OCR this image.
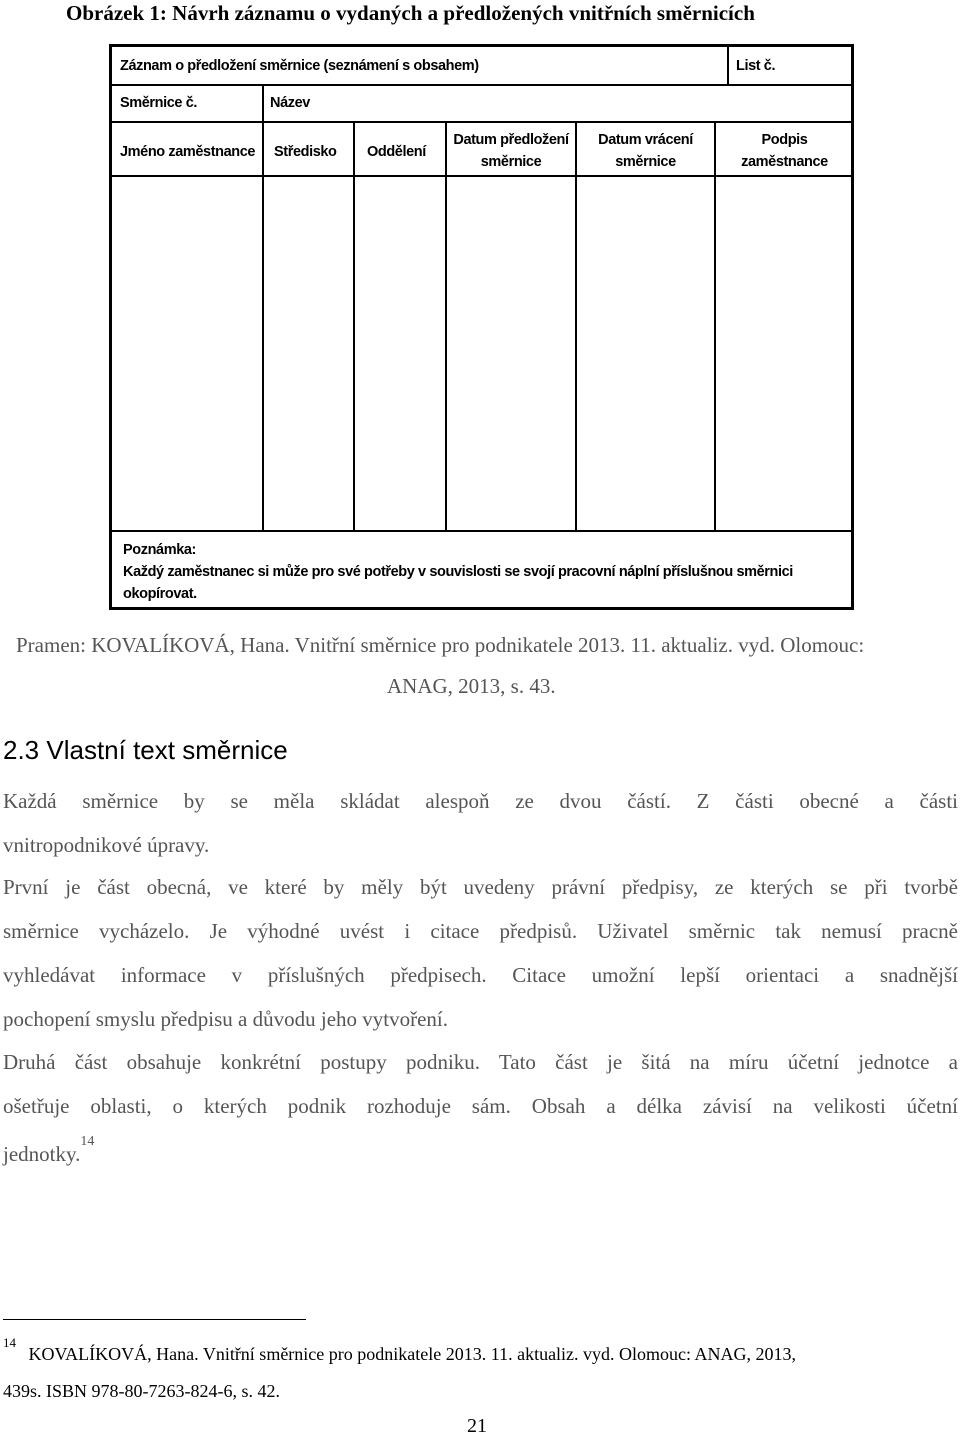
Obrázek 1: Návrh záznamu o vydaných a předložených vnitřních směrnicích
Záznam o předložení směrnice (seznámení s obsahem)	List č.
Směrnice č.	Název
Jméno zaměstnance Středisko Oddělení
Datum předložení
směrnice
Datum vrácení
směrnice
Podpis
zaměstnance
Poznámka:
Každý zaměstnanec si může pro své potřeby v souvislosti se svojí pracovní náplní příslušnou směrnici
okopírovat.
Pramen: KOVALÍKOVÁ, Hana. Vnitřní směrnice pro podnikatele 2013. 11. aktualiz. vyd. Olomouc:
ANAG, 2013, s. 43.
2.3 Vlastní text směrnice
Každá směrnice by se měla skládat alespoň ze dvou částí. Z části obecné a části
vnitropodnikové úpravy.
První je část obecná, ve které by měly být uvedeny právní předpisy, ze kterých se při tvorbě
směrnice vycházelo. Je výhodné uvést i citace předpisů. Uživatel směrnic tak nemusí pracně
vyhledávat informace v příslušných předpisech. Citace umožní lepší orientaci a snadnější
pochopení smyslu předpisu a důvodu jeho vytvoření.
Druhá část obsahuje konkrétní postupy podniku. Tato část je šitá na míru účetní jednotce a
ošetřuje oblasti, o kterých podnik rozhoduje sám. Obsah a délka závisí na velikosti účetní
jednotky.$^{14}$
$^{14}$ KOVALÍKOVÁ, Hana. Vnitřní směrnice pro podnikatele 2013. 11. aktualiz. vyd. Olomouc: ANAG, 2013,
439s. ISBN 978-80-7263-824-6, s. 42.
21
